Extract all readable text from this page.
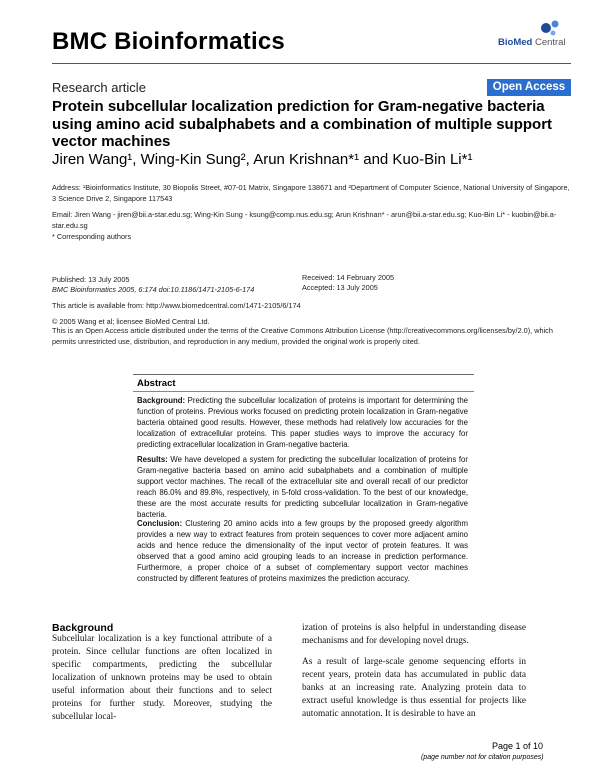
BMC Bioinformatics	BioMed Central
Research article	Open Access
Protein subcellular localization prediction for Gram-negative bacteria using amino acid subalphabets and a combination of multiple support vector machines
Jiren Wang¹, Wing-Kin Sung², Arun Krishnan*¹ and Kuo-Bin Li*¹
Address: ¹Bioinformatics Institute, 30 Biopolis Street, #07-01 Matrix, Singapore 138671 and ²Department of Computer Science, National University of Singapore, 3 Science Drive 2, Singapore 117543
Email: Jiren Wang - jiren@bii.a-star.edu.sg; Wing-Kin Sung - ksung@comp.nus.edu.sg; Arun Krishnan* - arun@bii.a-star.edu.sg; Kuo-Bin Li* - kuobin@bii.a-star.edu.sg
* Corresponding authors
Published: 13 July 2005
BMC Bioinformatics 2005, 6:174 doi:10.1186/1471-2105-6-174
Received: 14 February 2005
Accepted: 13 July 2005
This article is available from: http://www.biomedcentral.com/1471-2105/6/174
© 2005 Wang et al; licensee BioMed Central Ltd.
This is an Open Access article distributed under the terms of the Creative Commons Attribution License (http://creativecommons.org/licenses/by/2.0), which permits unrestricted use, distribution, and reproduction in any medium, provided the original work is properly cited.
Abstract
Background: Predicting the subcellular localization of proteins is important for determining the function of proteins. Previous works focused on predicting protein localization in Gram-negative bacteria obtained good results. However, these methods had relatively low accuracies for the localization of extracellular proteins. This paper studies ways to improve the accuracy for predicting extracellular localization in Gram-negative bacteria.
Results: We have developed a system for predicting the subcellular localization of proteins for Gram-negative bacteria based on amino acid subalphabets and a combination of multiple support vector machines. The recall of the extracellular site and overall recall of our predictor reach 86.0% and 89.8%, respectively, in 5-fold cross-validation. To the best of our knowledge, these are the most accurate results for predicting subcellular localization in Gram-negative bacteria.
Conclusion: Clustering 20 amino acids into a few groups by the proposed greedy algorithm provides a new way to extract features from protein sequences to cover more adjacent amino acids and hence reduce the dimensionality of the input vector of protein features. It was observed that a good amino acid grouping leads to an increase in prediction performance. Furthermore, a proper choice of a subset of complementary support vector machines constructed by different features of proteins maximizes the prediction accuracy.
Background
Subcellular localization is a key functional attribute of a protein. Since cellular functions are often localized in specific compartments, predicting the subcellular localization of unknown proteins may be used to obtain useful information about their functions and to select proteins for further study. Moreover, studying the subcellular local-
ization of proteins is also helpful in understanding disease mechanisms and for developing novel drugs.
As a result of large-scale genome sequencing efforts in recent years, protein data has accumulated in public data banks at an increasing rate. Analyzing protein data to extract useful knowledge is thus essential for projects like automatic annotation. It is desirable to have an
Page 1 of 10
(page number not for citation purposes)
